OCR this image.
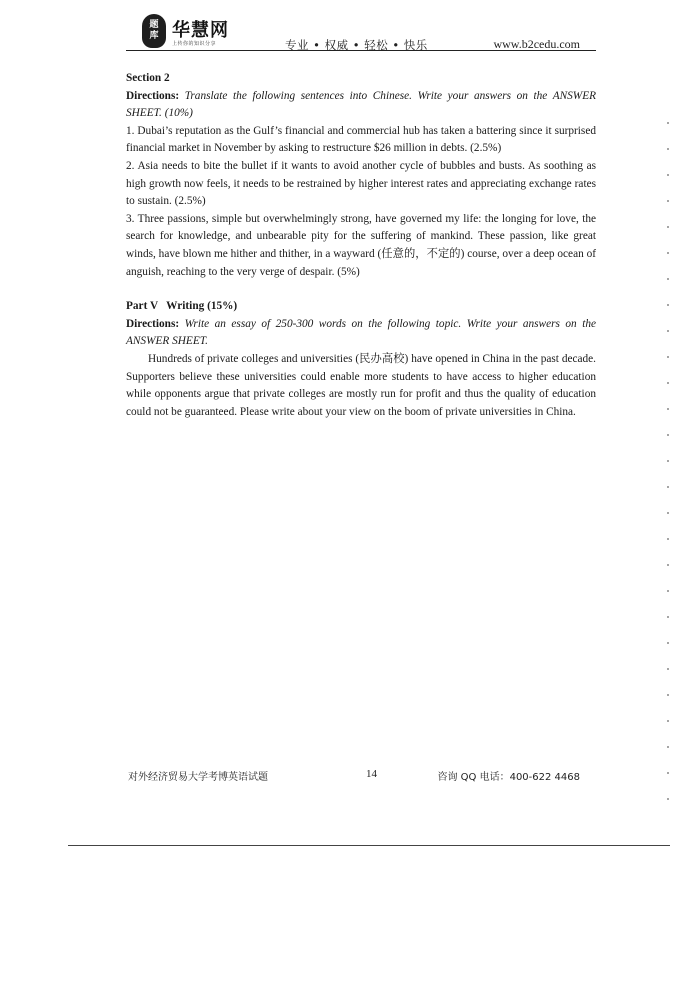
题
库 华慧网
上传你的知识分享	专业 • 权威 • 轻松 • 快乐	www.b2cedu.com

Section 2

Directions: Translate the following sentences into Chinese. Write your answers on the ANSWER SHEET. (10%)

1. Dubai’s reputation as the Gulf’s financial and commercial hub has taken a battering since it surprised financial market in November by asking to restructure $26 million in debts. (2.5%)

2. Asia needs to bite the bullet if it wants to avoid another cycle of bubbles and busts. As soothing as high growth now feels, it needs to be restrained by higher interest rates and appreciating exchange rates to sustain. (2.5%)

3. Three passions, simple but overwhelmingly strong, have governed my life: the longing for love, the search for knowledge, and unbearable pity for the suffering of mankind. These passion, like great winds, have blown me hither and thither, in a wayward (任意的，不定的) course, over a deep ocean of anguish, reaching to the very verge of despair. (5%)

Part V   Writing (15%)

Directions: Write an essay of 250-300 words on the following topic. Write your answers on the ANSWER SHEET.

Hundreds of private colleges and universities (民办高校) have opened in China in the past decade. Supporters believe these universities could enable more students to have access to higher education while opponents argue that private colleges are mostly run for profit and thus the quality of education could not be guaranteed. Please write about your view on the boom of private universities in China.

对外经济贸易大学考博英语试题	14	咨询 QQ 电话：400-622 4468
